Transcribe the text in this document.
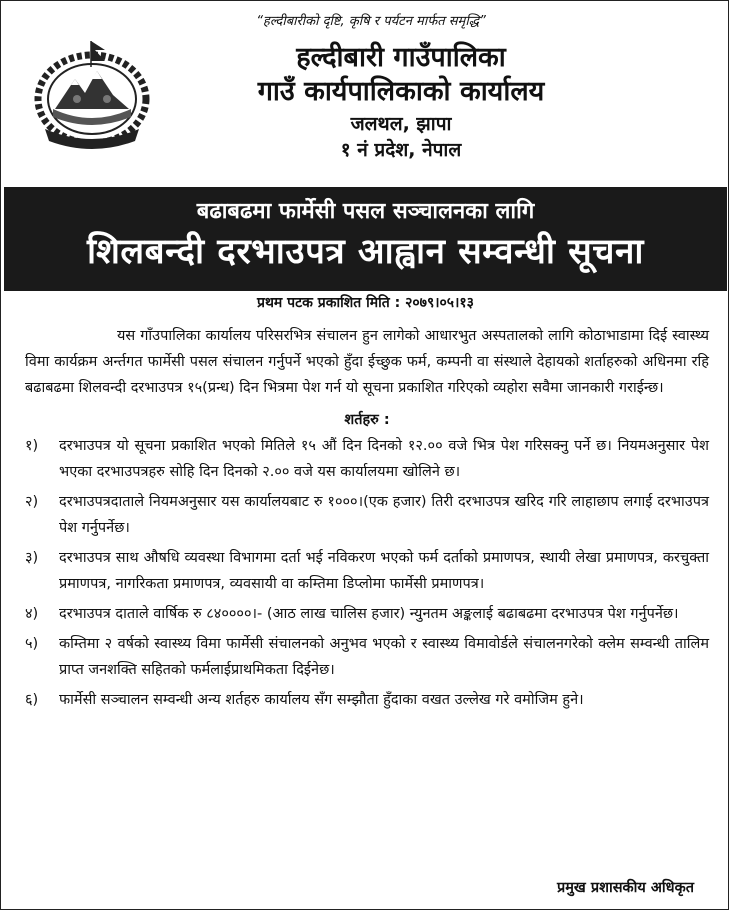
“हल्दीबारीको दृष्टि, कृषि र पर्यटन मार्फत समृद्धि”
हल्दीबारी गाउँपालिका
गाउँ कार्यपालिकाको कार्यालय
जलथल, झापा
१ नं प्रदेश, नेपाल
बढाबढमा फार्मेसी पसल सञ्चालनका लागि
शिलबन्दी दरभाउपत्र आह्वान सम्वन्धी सूचना
प्रथम पटक प्रकाशित मिति : २०७९।०५।१३

यस गाँउपालिका कार्यालय परिसरभित्र संचालन हुन लागेको आधारभुत अस्पतालको लागि कोठाभाडामा दिई स्वास्थ्य विमा कार्यक्रम अर्न्तगत फार्मेसी पसल संचालन गर्नुपर्ने भएको हुँदा ईच्छुक फर्म, कम्पनी वा संस्थाले देहायको शर्ताहरुको अधिनमा रहि बढाबढमा शिलवन्दी दरभाउपत्र १५(प्रन्ध) दिन भित्रमा पेश गर्न यो सूचना प्रकाशित गरिएको व्यहोरा सवैमा जानकारी गराईन्छ।

शर्तहरु :
१)	दरभाउपत्र यो सूचना प्रकाशित भएको मितिले १५ औं दिन दिनको १२.०० वजे भित्र पेश गरिसक्नु पर्ने छ। नियमअनुसार पेश भएका दरभाउपत्रहरु सोहि दिन दिनको २.०० वजे यस कार्यालयमा खोलिने छ।
२)	दरभाउपत्रदाताले नियमअनुसार यस कार्यालयबाट रु १०००।(एक हजार) तिरी दरभाउपत्र खरिद गरि लाहाछाप लगाई दरभाउपत्र पेश गर्नुपर्नेछ।
३)	दरभाउपत्र साथ औषधि व्यवस्था विभागमा दर्ता भई नविकरण भएको फर्म दर्ताको प्रमाणपत्र, स्थायी लेखा प्रमाणपत्र, करचुक्ता प्रमाणपत्र, नागरिकता प्रमाणपत्र, व्यवसायी वा कम्तिमा डिप्लोमा फार्मेसी प्रमाणपत्र।
४)	दरभाउपत्र दाताले वार्षिक रु ८४००००।- (आठ लाख चालिस हजार) न्युनतम अङ्कलाई बढाबढमा दरभाउपत्र पेश गर्नुपर्नेछ।
५)	कम्तिमा २ वर्षको स्वास्थ्य विमा फार्मेसी संचालनको अनुभव भएको र स्वास्थ्य विमावोर्डले संचालनगरेको क्लेम सम्वन्धी तालिम प्राप्त जनशक्ति सहितको फर्मलाईप्राथमिकता दिईनेछ।
६)	फार्मेसी सञ्चालन सम्वन्धी अन्य शर्तहरु कार्यालय सँग सम्झौता हुँदाका वखत उल्लेख गरे वमोजिम हुने।
प्रमुख प्रशासकीय अधिकृत
